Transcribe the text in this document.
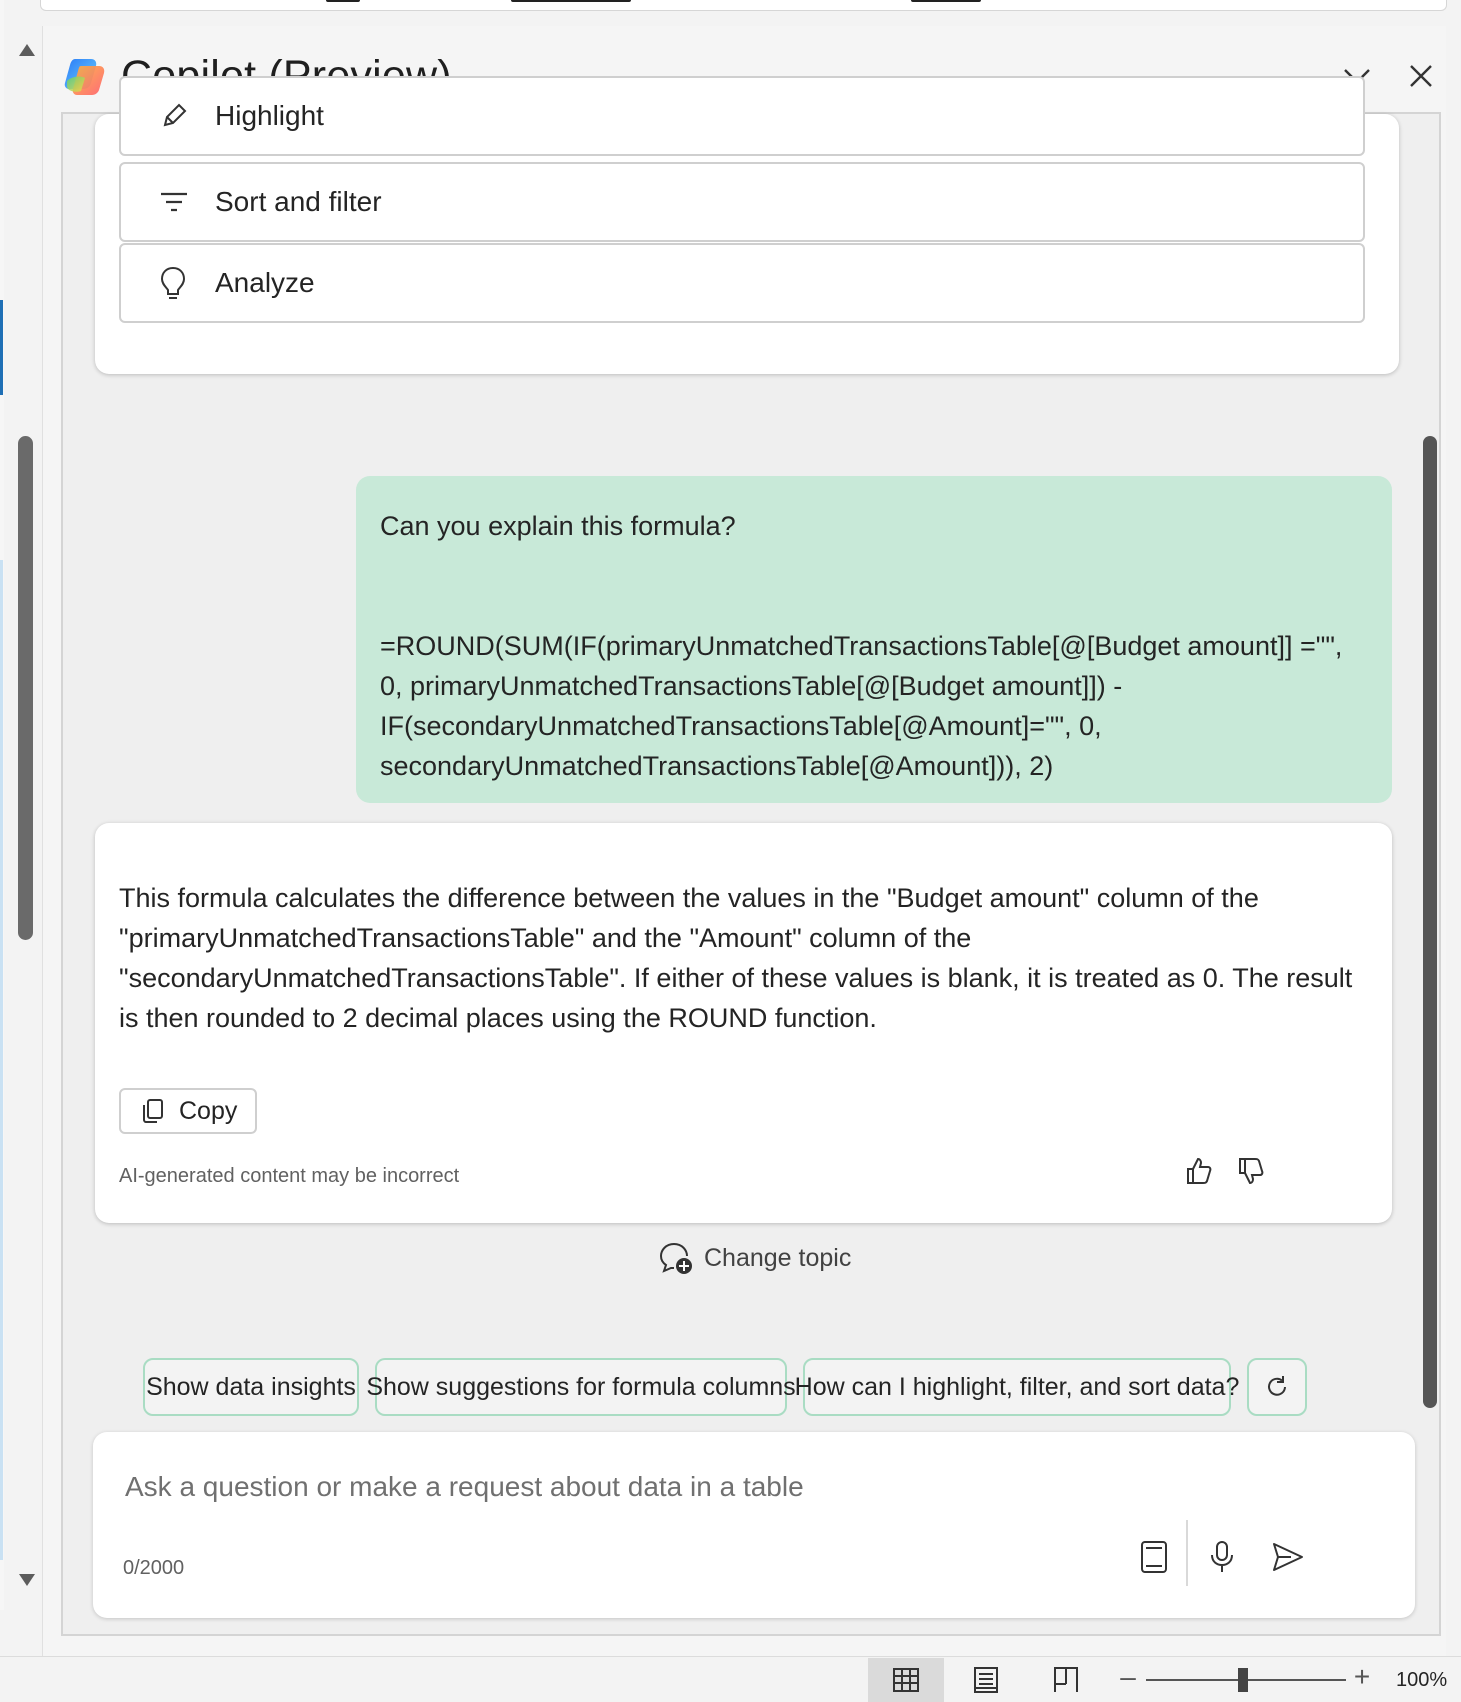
Highlight
Sort and filter
Analyze
Can you explain this formula?
=ROUND(SUM(IF(primaryUnmatchedTransactionsTable[@[Budget amount]] ="", 0, primaryUnmatchedTransactionsTable[@[Budget amount]]) - IF(secondaryUnmatchedTransactionsTable[@Amount]="", 0, secondaryUnmatchedTransactionsTable[@Amount])), 2)
This formula calculates the difference between the values in the "Budget amount" column of the "primaryUnmatchedTransactionsTable" and the "Amount" column of the "secondaryUnmatchedTransactionsTable". If either of these values is blank, it is treated as 0. The result is then rounded to 2 decimal places using the ROUND function.
Copy
AI-generated content may be incorrect
Change topic
Show data insights Show suggestions for formula columns
How can I highlight, filter, and sort data?
Ask a question or make a request about data in a table
0/2000
–	+ 100%
